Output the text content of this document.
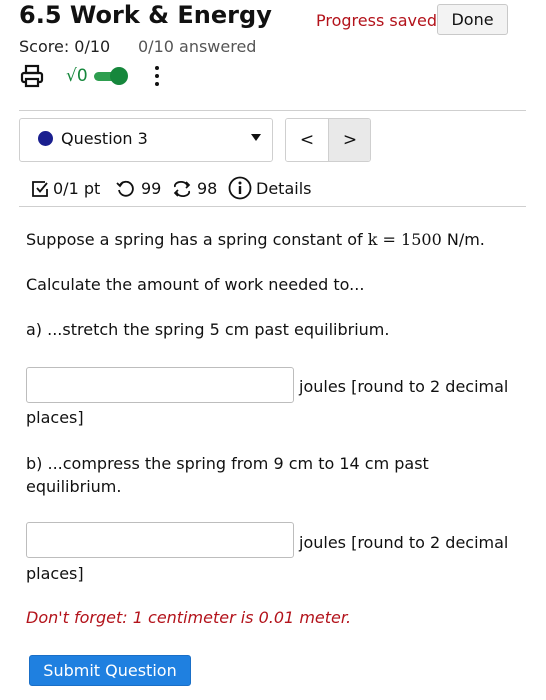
6.5 Work & Energy	Progress saved Done
Score: 0/10 0/10 answered
√0
Question 3	<	>
0/1 pt	99 98 Details
Suppose a spring has a spring constant of k = 1500 N/m.
Calculate the amount of work needed to...
a) ...stretch the spring 5 cm past equilibrium.
joules [round to 2 decimal
places]
b) ...compress the spring from 9 cm to 14 cm past
equilibrium.
joules [round to 2 decimal
places]
Don't forget: 1 centimeter is 0.01 meter.
Submit Question
